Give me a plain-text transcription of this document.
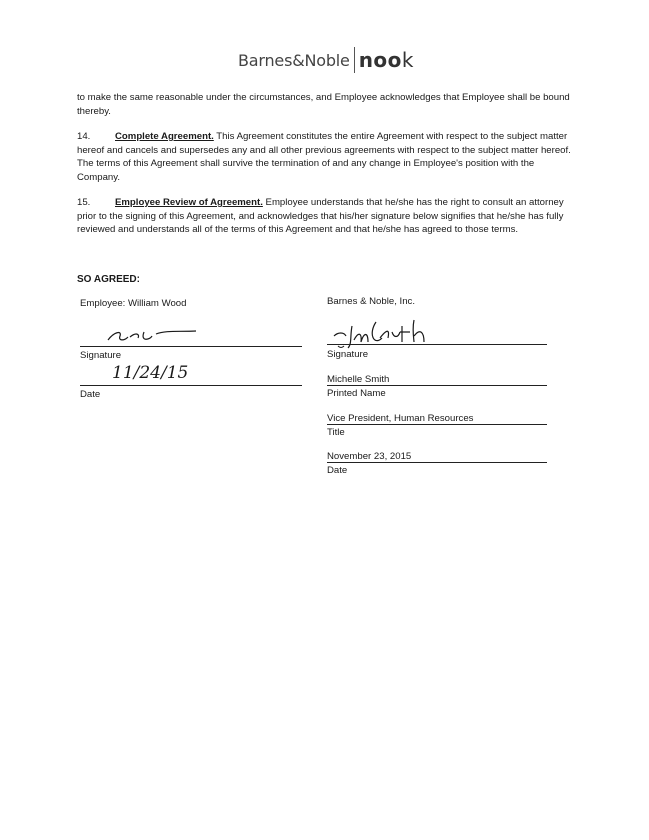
Barnes&Noble nook

to make the same reasonable under the circumstances, and Employee acknowledges that Employee shall be bound thereby.

14.	Complete Agreement. This Agreement constitutes the entire Agreement with respect to the subject matter hereof and cancels and supersedes any and all other previous agreements with respect to the subject matter hereof. The terms of this Agreement shall survive the termination of and any change in Employee's position with the Company.

15.	Employee Review of Agreement. Employee understands that he/she has the right to consult an attorney prior to the signing of this Agreement, and acknowledges that his/her signature below signifies that he/she has fully reviewed and understands all of the terms of this Agreement and that he/she has agreed to those terms.

SO AGREED:
Employee: William Wood
Signature
11/24/15
Date
Barnes & Noble, Inc.
Signature
Michelle Smith
Printed Name
Vice President, Human Resources
Title
November 23, 2015
Date
